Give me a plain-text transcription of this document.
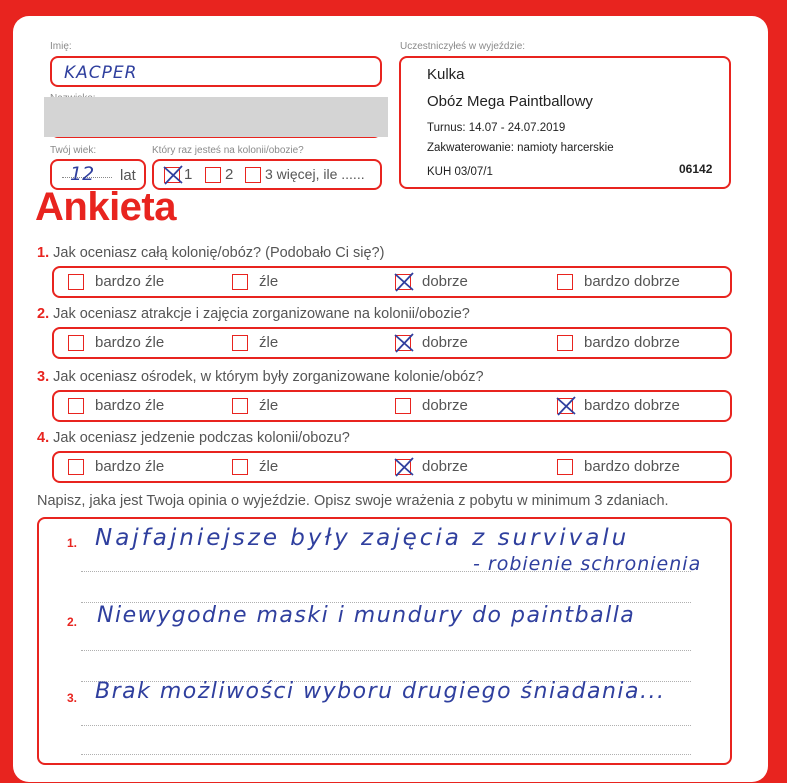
Imię:
KACPER
Twój wiek:
12 lat
Który raz jesteś na kolonii/obozie?
1 2 3 więcej, ile ......
Uczestniczyłeś w wyjeździe:
Kulka
Obóz Mega Paintballowy
Turnus: 14.07 - 24.07.2019
Zakwaterowanie: namioty harcerskie
KUH 03/07/1	06142
Ankieta
1. Jak oceniasz całą kolonię/obóz? (Podobało Ci się?)
bardzo źle	źle	dobrze	bardzo dobrze
2. Jak oceniasz atrakcje i zajęcia zorganizowane na kolonii/obozie?
bardzo źle	źle	dobrze	bardzo dobrze
3. Jak oceniasz ośrodek, w którym były zorganizowane kolonie/obóz?
bardzo źle	źle	dobrze	bardzo dobrze
4. Jak oceniasz jedzenie podczas kolonii/obozu?
bardzo źle	źle	dobrze	bardzo dobrze
Napisz, jaka jest Twoja opinia o wyjeździe. Opisz swoje wrażenia z pobytu w minimum 3 zdaniach.
1. Najfajniejsze były zajęcia z survivalu
- robienie schronienia
2. Niewygodne maski i mundury do paintballa
3. Brak możliwości wyboru drugiego śniadania...
